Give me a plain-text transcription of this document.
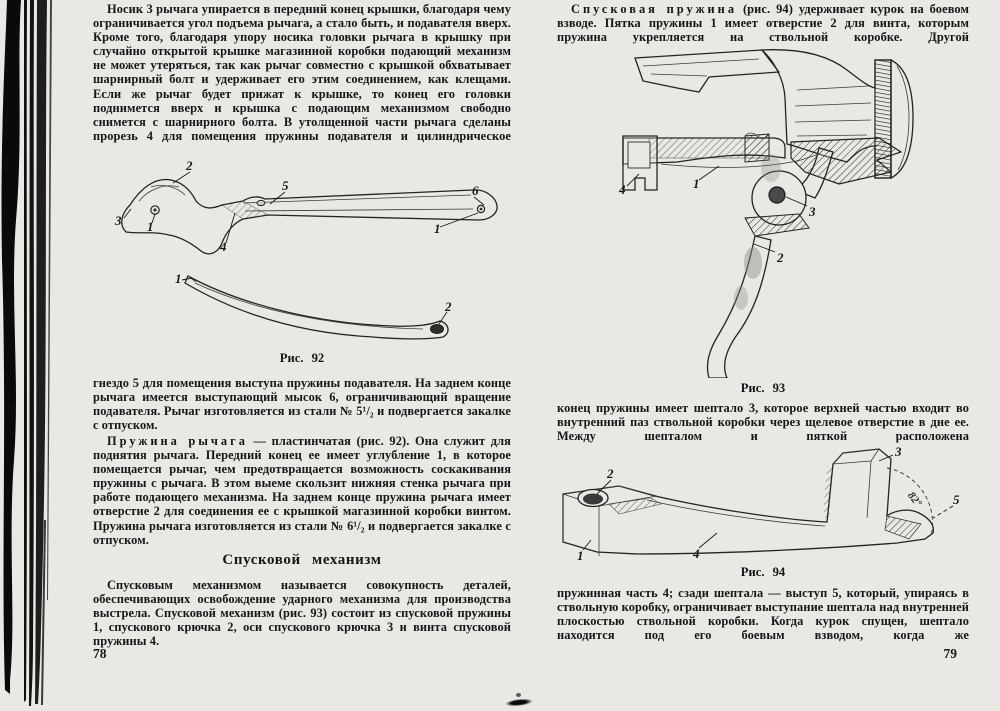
Носик 3 рычага упирается в передний конец крышки, благодаря чему ограничивается угол подъема рычага, а стало быть, и подавателя вверх. Кроме того, благодаря упору носика головки рычага в крышку при случайно открытой крышке магазинной коробки подающий механизм не может утеряться, так как рычаг совместно с крышкой обхватывает шарнирный болт и удерживает его этим соединением, как клещами. Если же рычаг будет прижат к крышке, то конец его головки поднимется вверх и крышка с подающим механизмом свободно снимется с шарнирного болта. В утолщенной части рычага сделаны прорезь 4 для помещения пружины подавателя и цилиндрическое

2
5	6
3 1
4
1
1
2
Рис. 92

гнездо 5 для помещения выступа пружины подавателя. На заднем конце рычага имеется выступающий мысок 6, ограничивающий вращение подавателя. Рычаг изготовляется из стали № 5¹/₂ и подвергается закалке с отпуском.

Пружина рычага — пластинчатая (рис. 92). Она служит для поднятия рычага. Передний конец ее имеет углубление 1, в которое помещается рычаг, чем предотвращается возможность соскакивания пружины с рычага. В этом выеме скользит нижняя стенка рычага при работе подающего механизма. На заднем конце пружина рычага имеет отверстие 2 для соединения ее с крышкой магазинной коробки винтом. Пружина рычага изготовляется из стали № 6¹/₂ и подвергается закалке с отпуском.

Спусковой механизм

Спусковым механизмом называется совокупность деталей, обеспечивающих освобождение ударного механизма для производства выстрела. Спусковой механизм (рис. 93) состоит из спусковой пружины 1, спускового крючка 2, оси спускового крючка 3 и винта спусковой пружины 4.

78

Спусковая пружина (рис. 94) удерживает курок на боевом взводе. Пятка пружины 1 имеет отверстие 2 для винта, которым пружина укрепляется на ствольной коробке. Другой

4	1
3
2
Рис. 93

конец пружины имеет шептало 3, которое верхней частью входит во внутренний паз ствольной коробки через щелевое отверстие в дне ее. Между шепталом и пяткой расположена

82°
2
1	4
3
5
Рис. 94

пружинная часть 4; сзади шептала — выступ 5, который, упираясь в ствольную коробку, ограничивает выступание шептала над внутренней плоскостью ствольной коробки. Когда курок спущен, шептало находится под его боевым взводом, когда же

79
